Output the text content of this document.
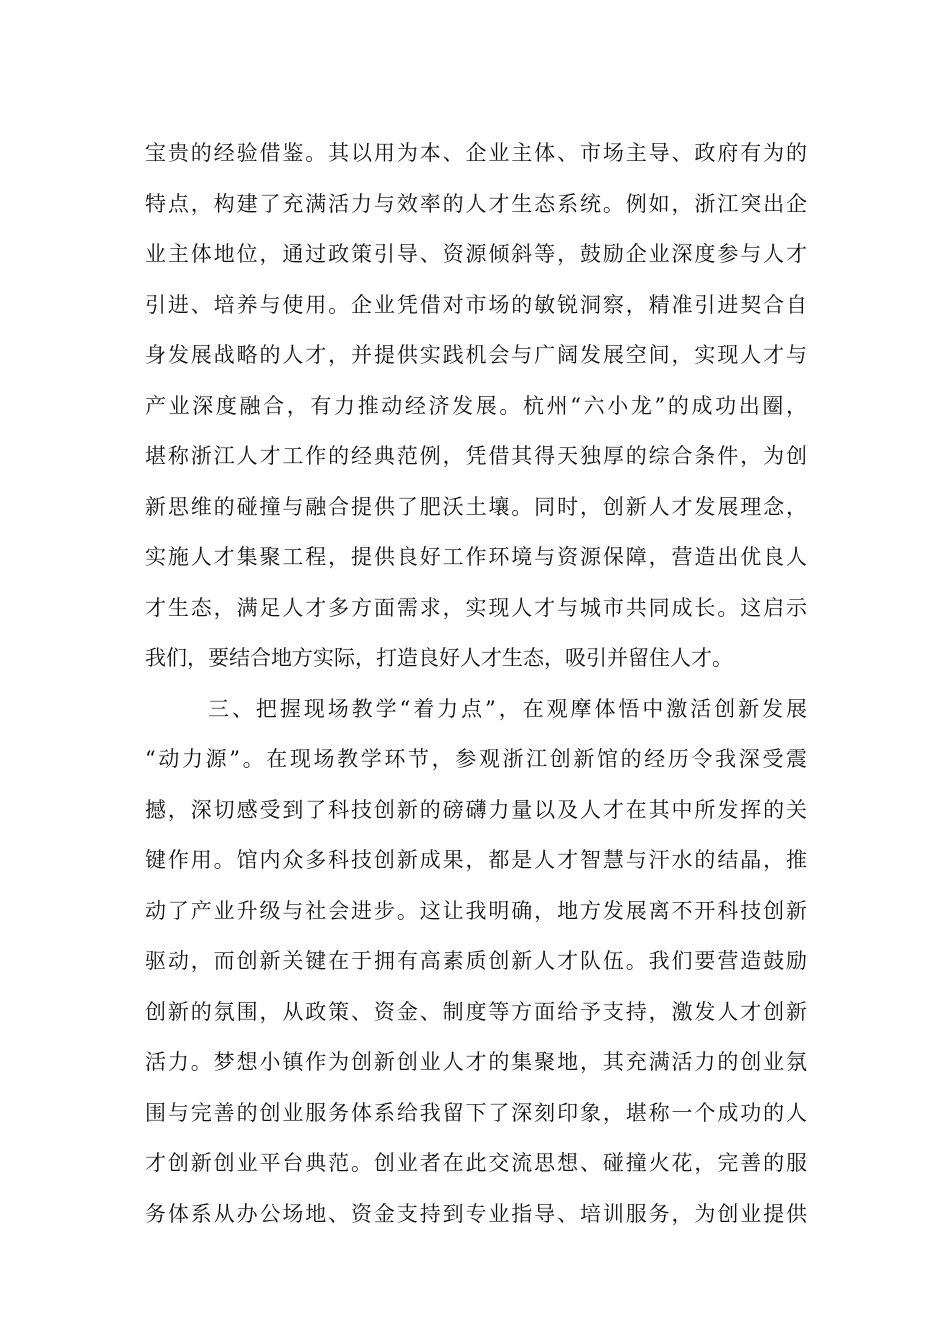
宝贵的经验借鉴。其以用为本、企业主体、市场主导、政府有为的
特点，构建了充满活力与效率的人才生态系统。例如，浙江突出企
业主体地位，通过政策引导、资源倾斜等，鼓励企业深度参与人才
引进、培养与使用。企业凭借对市场的敏锐洞察，精准引进契合自
身发展战略的人才，并提供实践机会与广阔发展空间，实现人才与
产业深度融合，有力推动经济发展。杭州“六小龙”的成功出圈，
堪称浙江人才工作的经典范例，凭借其得天独厚的综合条件，为创
新思维的碰撞与融合提供了肥沃土壤。同时，创新人才发展理念，
实施人才集聚工程，提供良好工作环境与资源保障，营造出优良人
才生态，满足人才多方面需求，实现人才与城市共同成长。这启示
我们，要结合地方实际，打造良好人才生态，吸引并留住人才。
三、把握现场教学“着力点”，在观摩体悟中激活创新发展
“动力源”。在现场教学环节，参观浙江创新馆的经历令我深受震
撼，深切感受到了科技创新的磅礴力量以及人才在其中所发挥的关
键作用。馆内众多科技创新成果，都是人才智慧与汗水的结晶，推
动了产业升级与社会进步。这让我明确，地方发展离不开科技创新
驱动，而创新关键在于拥有高素质创新人才队伍。我们要营造鼓励
创新的氛围，从政策、资金、制度等方面给予支持，激发人才创新
活力。梦想小镇作为创新创业人才的集聚地，其充满活力的创业氛
围与完善的创业服务体系给我留下了深刻印象，堪称一个成功的人
才创新创业平台典范。创业者在此交流思想、碰撞火花，完善的服
务体系从办公场地、资金支持到专业指导、培训服务，为创业提供
